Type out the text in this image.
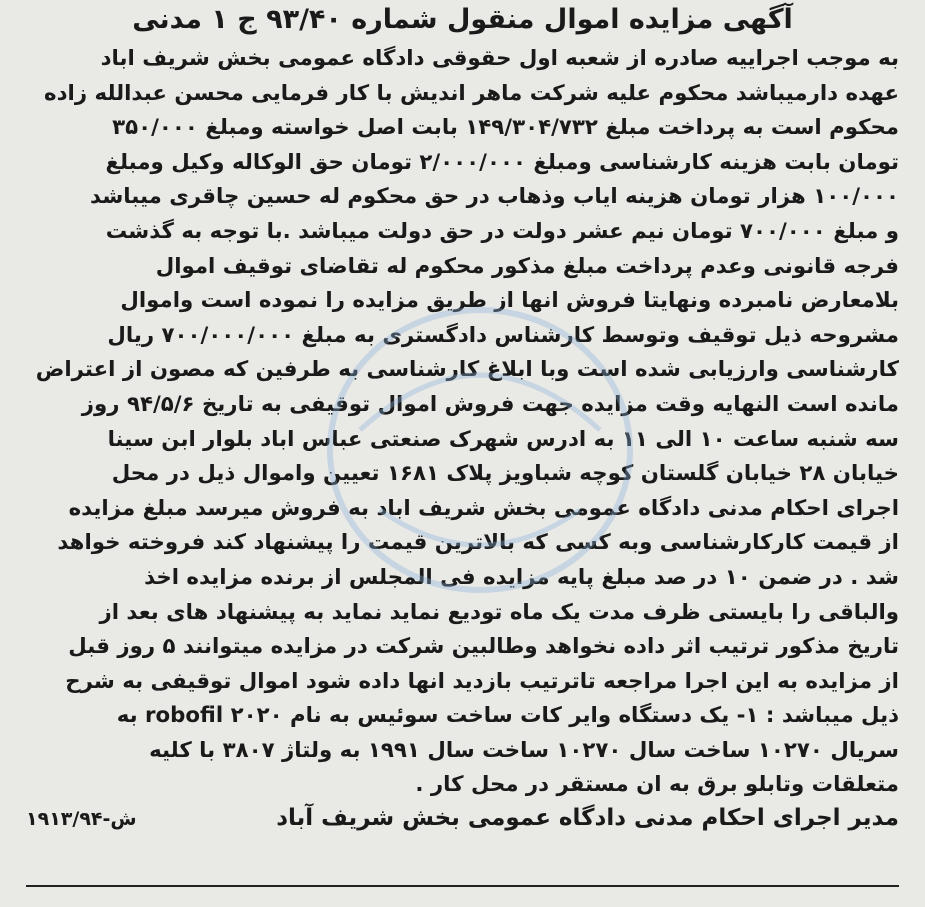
آگهی مزایده اموال منقول شماره ۹۳/۴۰ ج ۱ مدنی
به موجب اجراییه صادره از شعبه اول حقوقی دادگاه عمومی بخش شریف اباد
عهده دارمیباشد محکوم علیه شرکت ماهر اندیش با کار فرمایی محسن عبدالله زاده
محکوم است به پرداخت مبلغ ۱۴۹/۳۰۴/۷۳۲ بابت اصل خواسته ومبلغ ۳۵۰/۰۰۰
تومان بابت هزینه کارشناسی ومبلغ ۲/۰۰۰/۰۰۰ تومان حق الوکاله وکیل ومبلغ
۱۰۰/۰۰۰ هزار تومان هزینه ایاب وذهاب در حق محکوم له حسین چاقری میباشد
و مبلغ ۷۰۰/۰۰۰ تومان نیم عشر دولت در حق دولت میباشد .با توجه به گذشت
فرجه قانونی وعدم پرداخت مبلغ مذکور محکوم له تقاضای توقیف اموال
بلامعارض نامبرده ونهایتا فروش انها از طریق مزایده را نموده است واموال
مشروحه ذیل توقیف وتوسط کارشناس دادگستری به مبلغ ۷۰۰/۰۰۰/۰۰۰ ریال
کارشناسی وارزیابی شده است وبا ابلاغ کارشناسی به طرفین که مصون از اعتراض
مانده است النهایه وقت مزایده جهت فروش اموال توقیفی به تاریخ ۹۴/۵/۶ روز
سه شنبه ساعت ۱۰ الی ۱۱ به ادرس شهرک صنعتی عباس اباد بلوار ابن سینا
خیابان ۲۸ خیابان گلستان کوچه شباویز پلاک ۱۶۸۱ تعیین واموال ذیل در محل
اجرای احکام مدنی دادگاه عمومی بخش شریف اباد به فروش میرسد مبلغ مزایده
از قیمت کارکارشناسی وبه کسی که بالاترین قیمت را پیشنهاد کند فروخته خواهد
شد . در ضمن ۱۰ در صد مبلغ پایه مزایده فی المجلس از برنده مزایده اخذ
والباقی را بایستی ظرف مدت یک ماه تودیع نماید نماید به پیشنهاد های بعد از
تاریخ مذکور ترتیب اثر داده نخواهد وطالبین شرکت در مزایده میتوانند ۵ روز قبل
از مزایده به این اجرا مراجعه تاترتیب بازدید انها داده شود اموال توقیفی به شرح
ذیل میباشد : ۱- یک دستگاه وایر کات ساخت سوئیس به نام ۲۰۲۰ robofil به
سریال ۱۰۲۷۰ ساخت سال ۱۰۲۷۰ ساخت سال ۱۹۹۱ به ولتاژ ۳۸۰۷ با کلیه
متعلقات وتابلو برق به ان مستقر در محل کار .
مدیر اجرای احکام مدنی دادگاه عمومی بخش شریف آباد
۱۹۱۳/۹۴-ش
